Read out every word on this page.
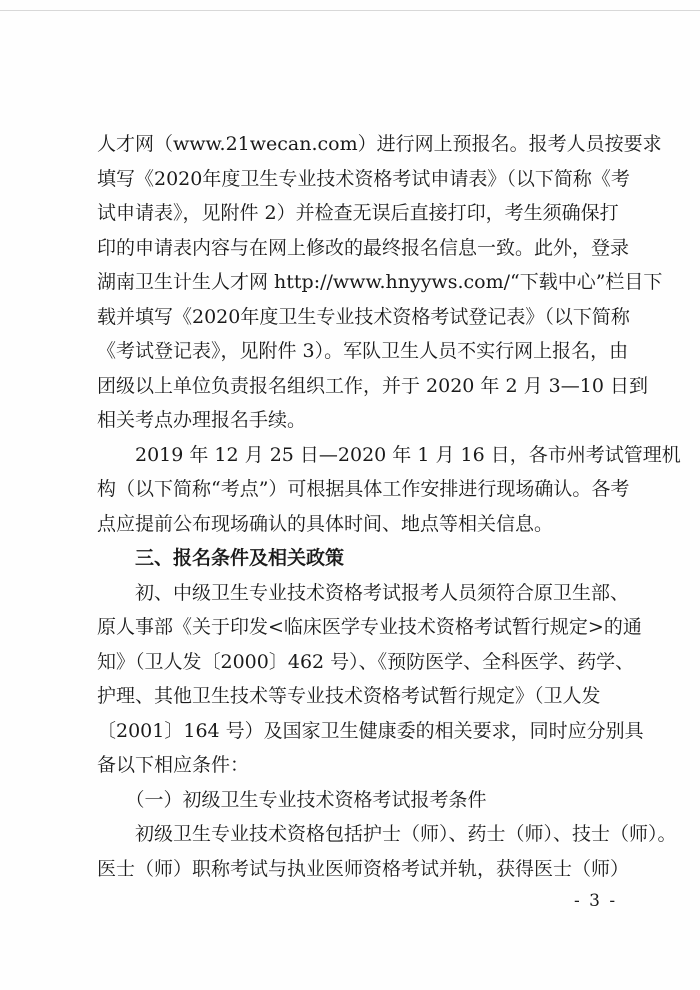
人才网（www.21wecan.com）进行网上预报名。报考人员按要求
填写《2020年度卫生专业技术资格考试申请表》（以下简称《考
试申请表》，见附件 2）并检查无误后直接打印，考生须确保打
印的申请表内容与在网上修改的最终报名信息一致。此外，登录
湖南卫生计生人才网 http://www.hnyyws.com/“下载中心”栏目下
载并填写《2020年度卫生专业技术资格考试登记表》（以下简称
《考试登记表》，见附件 3）。军队卫生人员不实行网上报名，由
团级以上单位负责报名组织工作，并于 2020 年 2 月 3—10 日到
相关考点办理报名手续。
　　2019 年 12 月 25 日—2020 年 1 月 16 日，各市州考试管理机
构（以下简称“考点”）可根据具体工作安排进行现场确认。各考
点应提前公布现场确认的具体时间、地点等相关信息。
　　三、报名条件及相关政策
　　初、中级卫生专业技术资格考试报考人员须符合原卫生部、
原人事部《关于印发<临床医学专业技术资格考试暂行规定>的通
知》（卫人发〔2000〕462 号）、《预防医学、全科医学、药学、
护理、其他卫生技术等专业技术资格考试暂行规定》（卫人发
〔2001〕164 号）及国家卫生健康委的相关要求，同时应分别具
备以下相应条件：
　　（一）初级卫生专业技术资格考试报考条件
　　初级卫生专业技术资格包括护士（师）、药士（师）、技士（师）。
医士（师）职称考试与执业医师资格考试并轨，获得医士（师）
- 3 -
